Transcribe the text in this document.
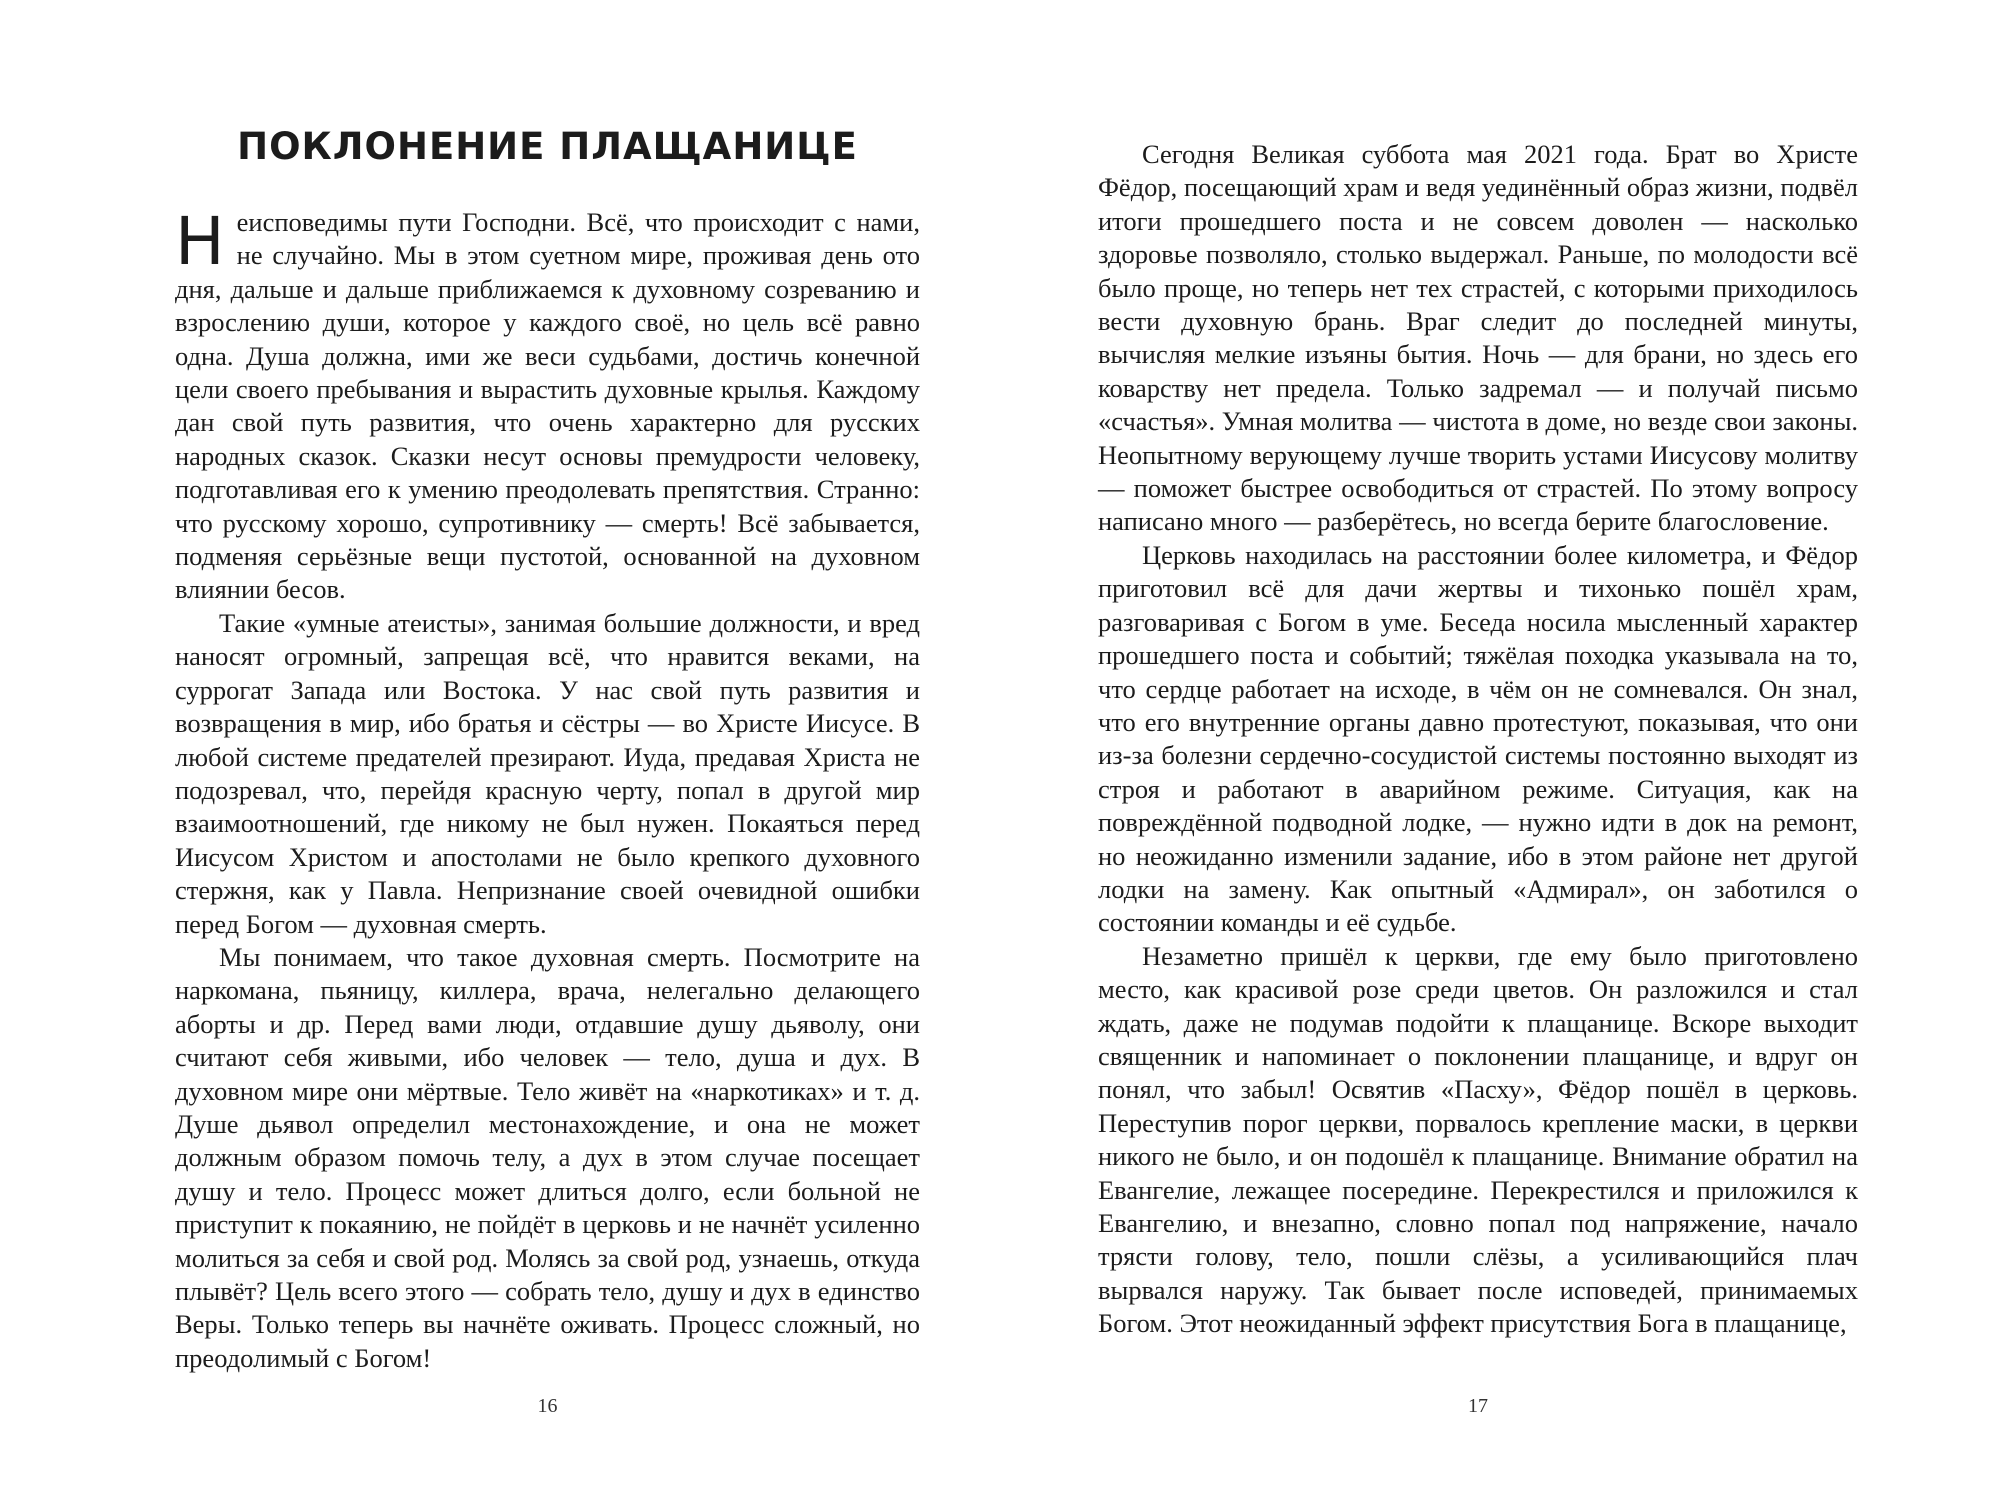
ПОКЛОНЕНИЕ ПЛАЩАНИЦЕ

Неисповедимы пути Господни. Всё, что происходит с нами, не случайно. Мы в этом суетном мире, проживая день ото дня, дальше и дальше приближаемся к духовному созреванию и взрослению души, которое у каждого своё, но цель всё равно одна. Душа должна, ими же веси судьбами, достичь конечной цели своего пребывания и вырастить духовные крылья. Каждому дан свой путь развития, что очень характерно для русских народных сказок. Сказки несут основы премудрости человеку, подготавливая его к умению преодолевать препятствия. Странно: что русскому хорошо, супротивнику — смерть! Всё забывается, подменяя серьёзные вещи пустотой, основанной на духовном влиянии бесов.

Такие «умные атеисты», занимая большие должности, и вред наносят огромный, запрещая всё, что нравится веками, на суррогат Запада или Востока. У нас свой путь развития и возвращения в мир, ибо братья и сёстры — во Христе Иисусе. В любой системе предателей презирают. Иуда, предавая Христа не подозревал, что, перейдя красную черту, попал в другой мир взаимоотношений, где никому не был нужен. Покаяться перед Иисусом Христом и апостолами не было крепкого духовного стержня, как у Павла. Непризнание своей очевидной ошибки перед Богом — духовная смерть.

Мы понимаем, что такое духовная смерть. Посмотрите на наркомана, пьяницу, киллера, врача, нелегально делающего аборты и др. Перед вами люди, отдавшие душу дьяволу, они считают себя живыми, ибо человек — тело, душа и дух. В духовном мире они мёртвые. Тело живёт на «наркотиках» и т. д. Душе дьявол определил местонахождение, и она не может должным образом помочь телу, а дух в этом случае посещает душу и тело. Процесс может длиться долго, если больной не приступит к покаянию, не пойдёт в церковь и не начнёт усиленно молиться за себя и свой род. Молясь за свой род, узнаешь, откуда плывёт? Цель всего этого — собрать тело, душу и дух в единство Веры. Только теперь вы начнёте оживать. Процесс сложный, но преодолимый с Богом!

16

Сегодня Великая суббота мая 2021 года. Брат во Христе Фёдор, посещающий храм и ведя уединённый образ жизни, подвёл итоги прошедшего поста и не совсем доволен — насколько здоровье позволяло, столько выдержал. Раньше, по молодости всё было проще, но теперь нет тех страстей, с которыми приходилось вести духовную брань. Враг следит до последней минуты, вычисляя мелкие изъяны бытия. Ночь — для брани, но здесь его коварству нет предела. Только задремал — и получай письмо «счастья». Умная молитва — чистота в доме, но везде свои законы. Неопытному верующему лучше творить устами Иисусову молитву — поможет быстрее освободиться от страстей. По этому вопросу написано много — разберётесь, но всегда берите благословение.

Церковь находилась на расстоянии более километра, и Фёдор приготовил всё для дачи жертвы и тихонько пошёл храм, разговаривая с Богом в уме. Беседа носила мысленный характер прошедшего поста и событий; тяжёлая походка указывала на то, что сердце работает на исходе, в чём он не сомневался. Он знал, что его внутренние органы давно протестуют, показывая, что они из-за болезни сердечно-сосудистой системы постоянно выходят из строя и работают в аварийном режиме. Ситуация, как на повреждённой подводной лодке, — нужно идти в док на ремонт, но неожиданно изменили задание, ибо в этом районе нет другой лодки на замену. Как опытный «Адмирал», он заботился о состоянии команды и её судьбе.

Незаметно пришёл к церкви, где ему было приготовлено место, как красивой розе среди цветов. Он разложился и стал ждать, даже не подумав подойти к плащанице. Вскоре выходит священник и напоминает о поклонении плащанице, и вдруг он понял, что забыл! Освятив «Пасху», Фёдор пошёл в церковь. Переступив порог церкви, порвалось крепление маски, в церкви никого не было, и он подошёл к плащанице. Внимание обратил на Евангелие, лежащее посередине. Перекрестился и приложился к Евангелию, и внезапно, словно попал под напряжение, начало трясти голову, тело, пошли слёзы, а усиливающийся плач вырвался наружу. Так бывает после исповедей, принимаемых Богом. Этот неожиданный эффект присутствия Бога в плащанице,

17
